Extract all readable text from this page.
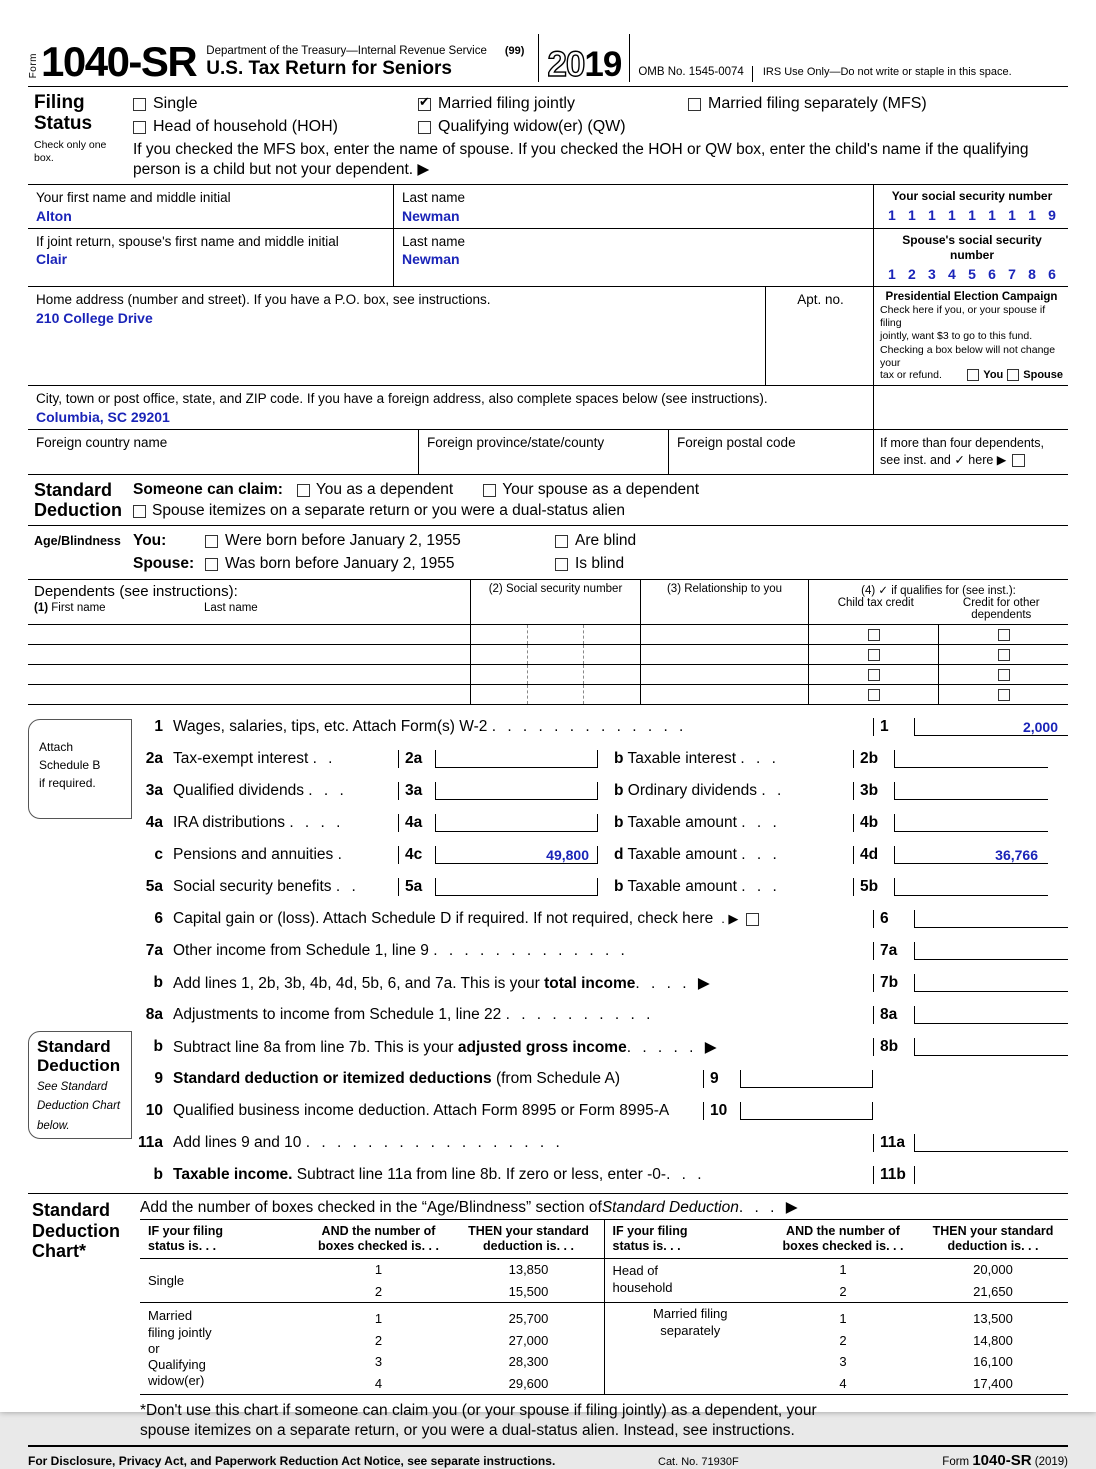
Form 1040-SR Department of the Treasury—Internal Revenue Service (99)
U.S. Tax Return for Seniors	20 19	OMB No. 1545-0074	IRS Use Only—Do not write or staple in this space.
Filing
Status
Check only one box.
Single ✔	Married filing jointly	Married filing separately (MFS)
Head of household (HOH)	Qualifying widow(er) (QW)
If you checked the MFS box, enter the name of spouse. If you checked the HOH or QW box, enter the child's name if the qualifying person is a child but not your dependent. ▶
Your first name and middle initial
Alton
Last name
Newman
Your social security number
1 1 1 1 1 1 1 1 9
If joint return, spouse's first name and middle initial
Clair
Last name
Newman
Spouse's social security number
1 2 3 4 5 6 7 8 6
Home address (number and street). If you have a P.O. box, see instructions.
210 College Drive
Apt. no.	Presidential Election Campaign
Check here if you, or your spouse if filing
jointly, want $3 to go to this fund.
Checking a box below will not change your
tax or refund.	You Spouse
City, town or post office, state, and ZIP code. If you have a foreign address, also complete spaces below (see instructions).
Columbia, SC 29201
Foreign country name	Foreign province/state/county	Foreign postal code	If more than four dependents,
see inst. and ✓ here ▶
Standard
Deduction
Someone can claim: You as a dependent	Your spouse as a dependent
Spouse itemizes on a separate return or you were a dual-status alien
Age/Blindness You:	Were born before January 2, 1955	Are blind
Spouse:	Was born before January 2, 1955	Is blind
Dependents (see instructions):
(1) First name	Last name
(2) Social security number	(3) Relationship to you	(4) ✓ if qualifies for (see inst.):
Child tax credit	Credit for other dependents
Attach
Schedule B
if required.
1 Wages, salaries, tips, etc. Attach Form(s) W-2 . . . . . . . . . . . . .	1	2,000
2a Tax-exempt interest . .	2a	b Taxable interest . . .	2b
3a Qualified dividends . . .	3a	b Ordinary dividends . .	3b
4a IRA distributions . . . .	4a	b Taxable amount . . .	4b
c Pensions and annuities .	4c	49,800	d Taxable amount . . .	4d	36,766
5a Social security benefits . .	5a	b Taxable amount . . .	5b
6 Capital gain or (loss). Attach Schedule D if required. If not required, check here . ▶	6
7a Other income from Schedule 1, line 9 . . . . . . . . . . . . .	7a
b Add lines 1, 2b, 3b, 4b, 4d, 5b, 6, and 7a. This is your total income. . . . ▶	7b
8a Adjustments to income from Schedule 1, line 22 . . . . . . . . . .	8a
Standard
Deduction
See Standard
Deduction Chart
below.
b Subtract line 8a from line 7b. This is your adjusted gross income. . . . . ▶	8b
9 Standard deduction or itemized deductions (from Schedule A)	9
10 Qualified business income deduction. Attach Form 8995 or Form 8995-A	10
11a Add lines 9 and 10 . . . . . . . . . . . . . . . . .	11a
b Taxable income. Subtract line 11a from line 8b. If zero or less, enter -0-. . .	11b
Standard
Deduction
Chart*
Add the number of boxes checked in the “Age/Blindness” section of Standard Deduction . . . ▶
IF your filing
status is. . .
AND the number of
boxes checked is. . .
THEN your standard
deduction is. . .
Single
1	13,850
2	15,500
Married
filing jointly
or
Qualifying
widow(er)
1	25,700
2	27,000
3	28,300
4	29,600
IF your filing
status is. . .
AND the number of
boxes checked is. . .
THEN your standard
deduction is. . .
Head of
household
1	20,000
2	21,650
Married filing
separately
1	13,500
2	14,800
3	16,100
4	17,400
*Don't use this chart if someone can claim you (or your spouse if filing jointly) as a dependent, your
spouse itemizes on a separate return, or you were a dual-status alien. Instead, see instructions.
For Disclosure, Privacy Act, and Paperwork Reduction Act Notice, see separate instructions.	Cat. No. 71930F	Form 1040-SR (2019)
